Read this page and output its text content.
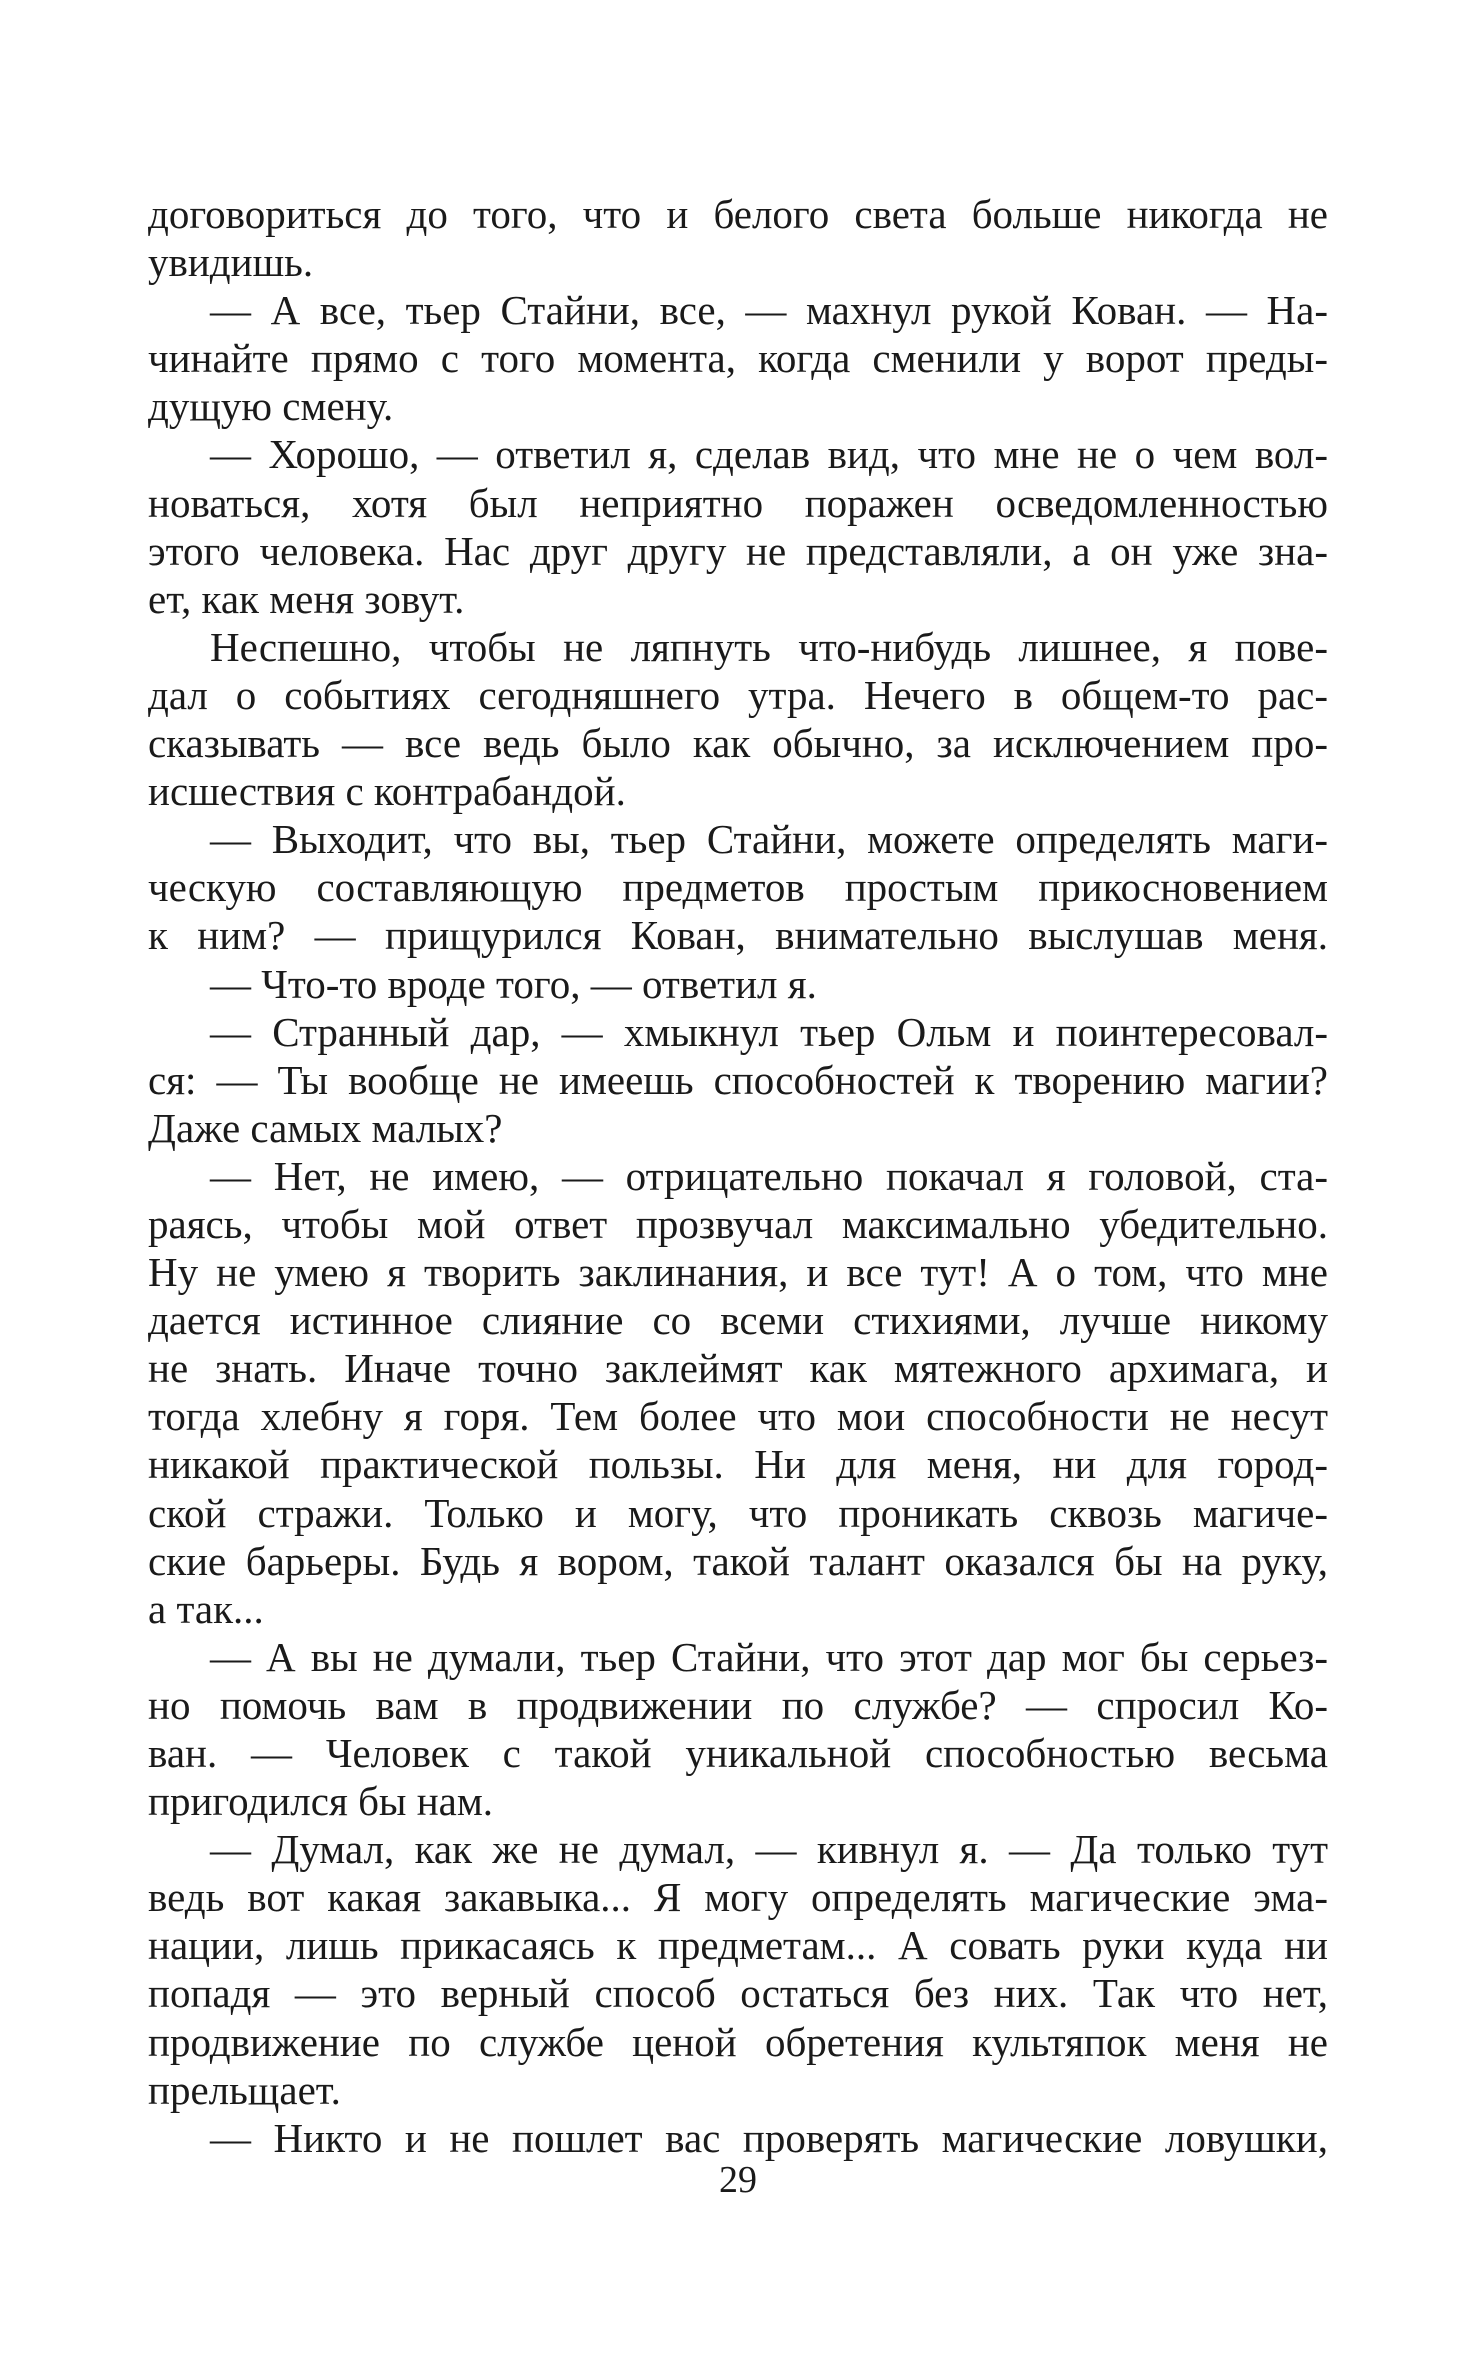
договориться до того, что и белого света больше никогда не
увидишь.
— А все, тьер Стайни, все, — махнул рукой Кован. — На-
чинайте прямо с того момента, когда сменили у ворот преды-
дущую смену.
— Хорошо, — ответил я, сделав вид, что мне не о чем вол-
новаться, хотя был неприятно поражен осведомленностью
этого человека. Нас друг другу не представляли, а он уже зна-
ет, как меня зовут.
Неспешно, чтобы не ляпнуть что-нибудь лишнее, я пове-
дал о событиях сегодняшнего утра. Нечего в общем-то рас-
сказывать — все ведь было как обычно, за исключением про-
исшествия с контрабандой.
— Выходит, что вы, тьер Стайни, можете определять маги-
ческую составляющую предметов простым прикосновением
к ним? — прищурился Кован, внимательно выслушав меня.
— Что-то вроде того, — ответил я.
— Странный дар, — хмыкнул тьер Ольм и поинтересовал-
ся: — Ты вообще не имеешь способностей к творению магии?
Даже самых малых?
— Нет, не имею, — отрицательно покачал я головой, ста-
раясь, чтобы мой ответ прозвучал максимально убедительно.
Ну не умею я творить заклинания, и все тут! А о том, что мне
дается истинное слияние со всеми стихиями, лучше никому
не знать. Иначе точно заклеймят как мятежного архимага, и
тогда хлебну я горя. Тем более что мои способности не несут
никакой практической пользы. Ни для меня, ни для город-
ской стражи. Только и могу, что проникать сквозь магиче-
ские барьеры. Будь я вором, такой талант оказался бы на руку,
а так...
— А вы не думали, тьер Стайни, что этот дар мог бы серьез-
но помочь вам в продвижении по службе? — спросил Ко-
ван. — Человек с такой уникальной способностью весьма
пригодился бы нам.
— Думал, как же не думал, — кивнул я. — Да только тут
ведь вот какая закавыка... Я могу определять магические эма-
нации, лишь прикасаясь к предметам... А совать руки куда ни
попадя — это верный способ остаться без них. Так что нет,
продвижение по службе ценой обретения культяпок меня не
прельщает.
— Никто и не пошлет вас проверять магические ловушки,
29
